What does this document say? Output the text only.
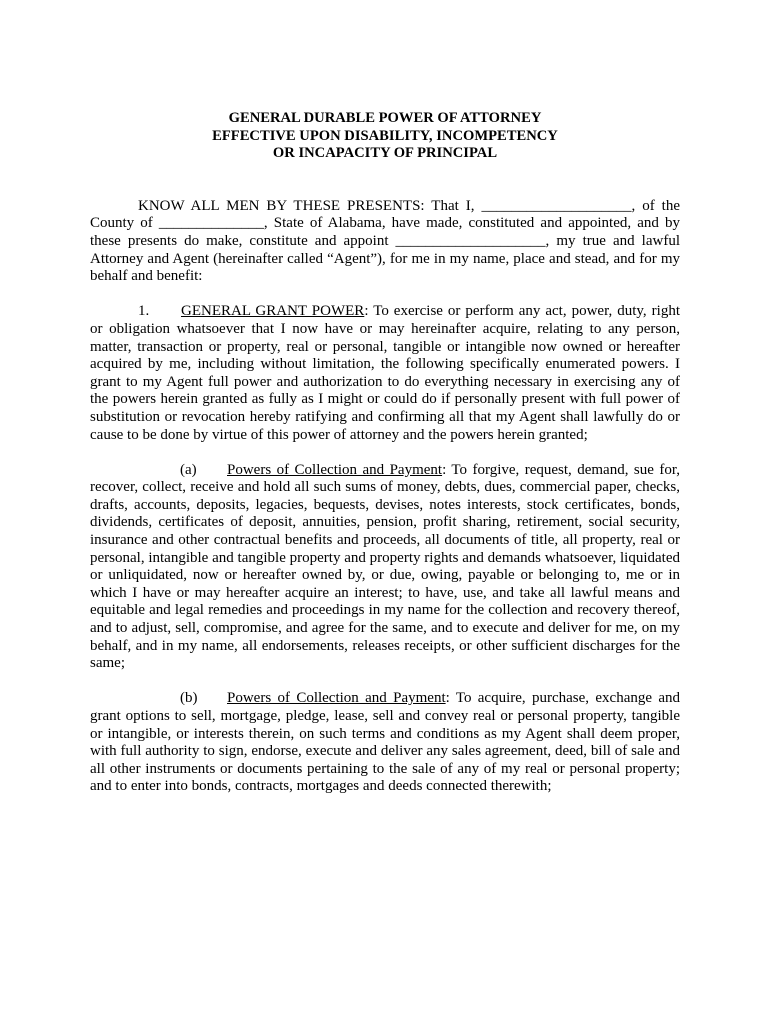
GENERAL DURABLE POWER OF ATTORNEY
EFFECTIVE UPON DISABILITY, INCOMPETENCY
OR INCAPACITY OF PRINCIPAL

KNOW ALL MEN BY THESE PRESENTS: That I, ____________________, of the County of ______________, State of Alabama, have made, constituted and appointed, and by these presents do make, constitute and appoint ____________________, my true and lawful Attorney and Agent (hereinafter called “Agent”), for me in my name, place and stead, and for my behalf and benefit:

1. GENERAL GRANT POWER: To exercise or perform any act, power, duty, right or obligation whatsoever that I now have or may hereinafter acquire, relating to any person, matter, transaction or property, real or personal, tangible or intangible now owned or hereafter acquired by me, including without limitation, the following specifically enumerated powers. I grant to my Agent full power and authorization to do everything necessary in exercising any of the powers herein granted as fully as I might or could do if personally present with full power of substitution or revocation hereby ratifying and confirming all that my Agent shall lawfully do or cause to be done by virtue of this power of attorney and the powers herein granted;

(a) Powers of Collection and Payment: To forgive, request, demand, sue for, recover, collect, receive and hold all such sums of money, debts, dues, commercial paper, checks, drafts, accounts, deposits, legacies, bequests, devises, notes interests, stock certificates, bonds, dividends, certificates of deposit, annuities, pension, profit sharing, retirement, social security, insurance and other contractual benefits and proceeds, all documents of title, all property, real or personal, intangible and tangible property and property rights and demands whatsoever, liquidated or unliquidated, now or hereafter owned by, or due, owing, payable or belonging to, me or in which I have or may hereafter acquire an interest; to have, use, and take all lawful means and equitable and legal remedies and proceedings in my name for the collection and recovery thereof, and to adjust, sell, compromise, and agree for the same, and to execute and deliver for me, on my behalf, and in my name, all endorsements, releases receipts, or other sufficient discharges for the same;

(b) Powers of Collection and Payment: To acquire, purchase, exchange and grant options to sell, mortgage, pledge, lease, sell and convey real or personal property, tangible or intangible, or interests therein, on such terms and conditions as my Agent shall deem proper, with full authority to sign, endorse, execute and deliver any sales agreement, deed, bill of sale and all other instruments or documents pertaining to the sale of any of my real or personal property; and to enter into bonds, contracts, mortgages and deeds connected therewith;
